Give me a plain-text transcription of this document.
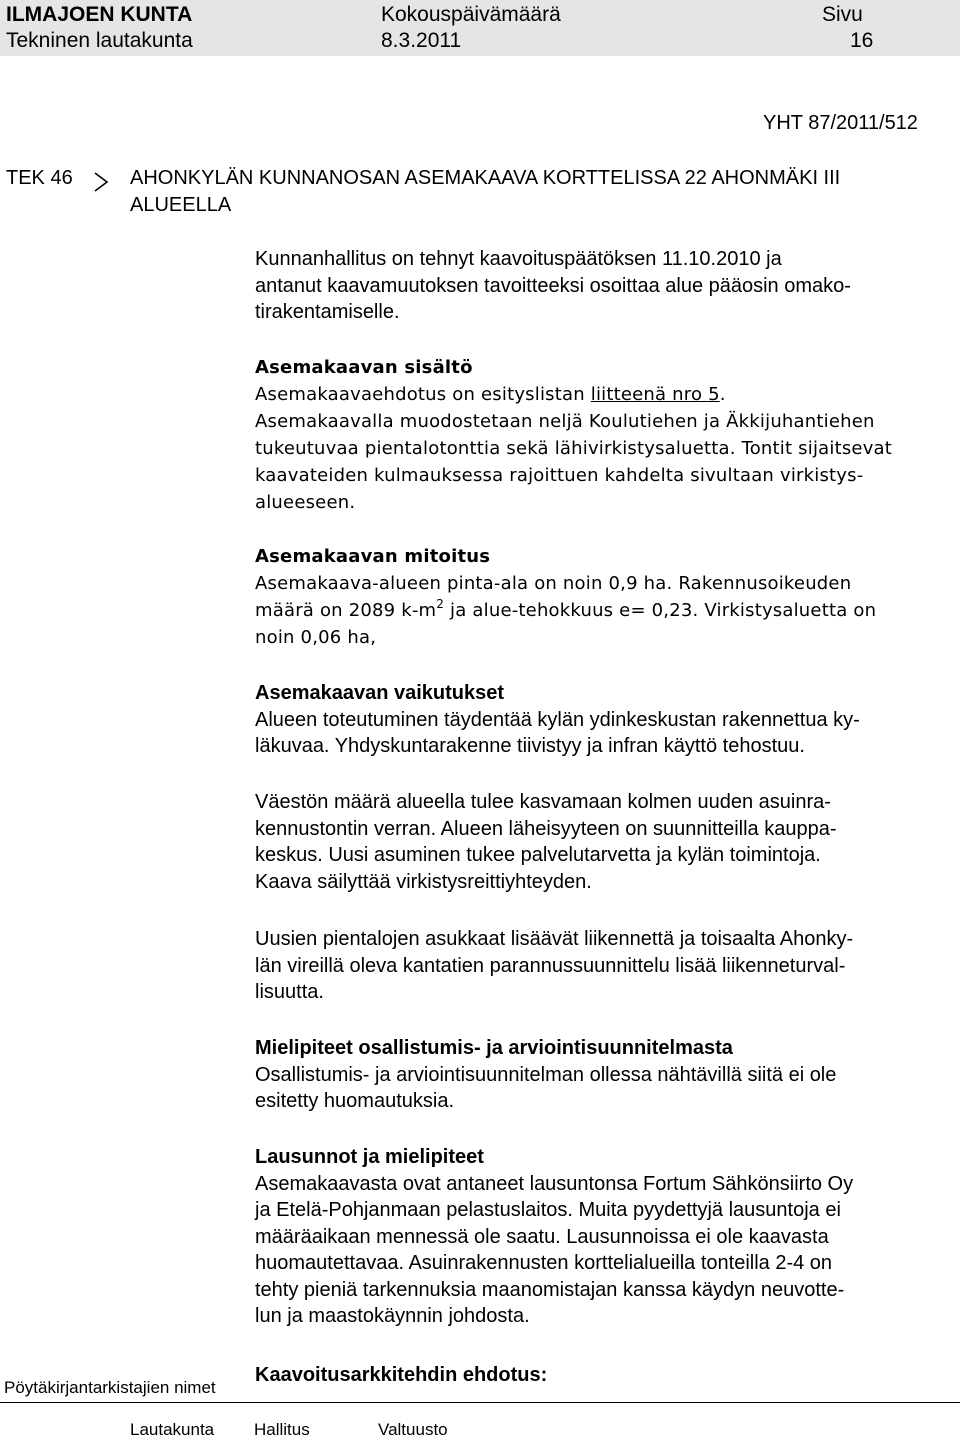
ILMAJOEN KUNTA
Tekninen lautakunta
Kokouspäivämäärä
8.3.2011
Sivu
16
YHT 87/2011/512
TEK 46	AHONKYLÄN KUNNANOSAN ASEMAKAAVA KORTTELISSA 22 AHONMÄKI III
ALUEELLA
Kunnanhallitus on tehnyt kaavoituspäätöksen 11.10.2010 ja
antanut kaavamuutoksen tavoitteeksi osoittaa alue pääosin omako-
tirakentamiselle.
Asemakaavan sisältö
Asemakaavaehdotus on esityslistan liitteenä nro 5.
Asemakaavalla muodostetaan neljä Koulutiehen ja Äkkijuhantiehen
tukeutuvaa pientalotonttia sekä lähivirkistysaluetta. Tontit sijaitsevat
kaavateiden kulmauksessa rajoittuen kahdelta sivultaan virkistys-
alueeseen.
Asemakaavan mitoitus
Asemakaava-alueen pinta-ala on noin 0,9 ha. Rakennusoikeuden
määrä on 2089 $k-m^2$ ja alue-tehokkuus e= 0,23. Virkistysaluetta on
noin 0,06 ha,
Asemakaavan vaikutukset
Alueen toteutuminen täydentää kylän ydinkeskustan rakennettua ky-
läkuvaa. Yhdyskuntarakenne tiivistyy ja infran käyttö tehostuu.
Väestön määrä alueella tulee kasvamaan kolmen uuden asuinra-
kennustontin verran. Alueen läheisyyteen on suunnitteilla kauppa-
keskus. Uusi asuminen tukee palvelutarvetta ja kylän toimintoja.
Kaava säilyttää virkistysreittiyhteyden.
Uusien pientalojen asukkaat lisäävät liikennettä ja toisaalta Ahonky-
län vireillä oleva kantatien parannussuunnittelu lisää liikenneturval-
lisuutta.
Mielipiteet osallistumis- ja arviointisuunnitelmasta
Osallistumis- ja arviointisuunnitelman ollessa nähtävillä siitä ei ole
esitetty huomautuksia.
Lausunnot ja mielipiteet
Asemakaavasta ovat antaneet lausuntonsa Fortum Sähkönsiirto Oy
ja Etelä-Pohjanmaan pelastuslaitos. Muita pyydettyjä lausuntoja ei
määräaikaan mennessä ole saatu. Lausunnoissa ei ole kaavasta
huomautettavaa. Asuinrakennusten korttelialueilla tonteilla 2-4 on
tehty pieniä tarkennuksia maanomistajan kanssa käydyn neuvotte-
lun ja maastokäynnin johdosta.
Kaavoitusarkkitehdin ehdotus:
Pöytäkirjantarkistajien nimet
Lautakunta Hallitus	Valtuusto
